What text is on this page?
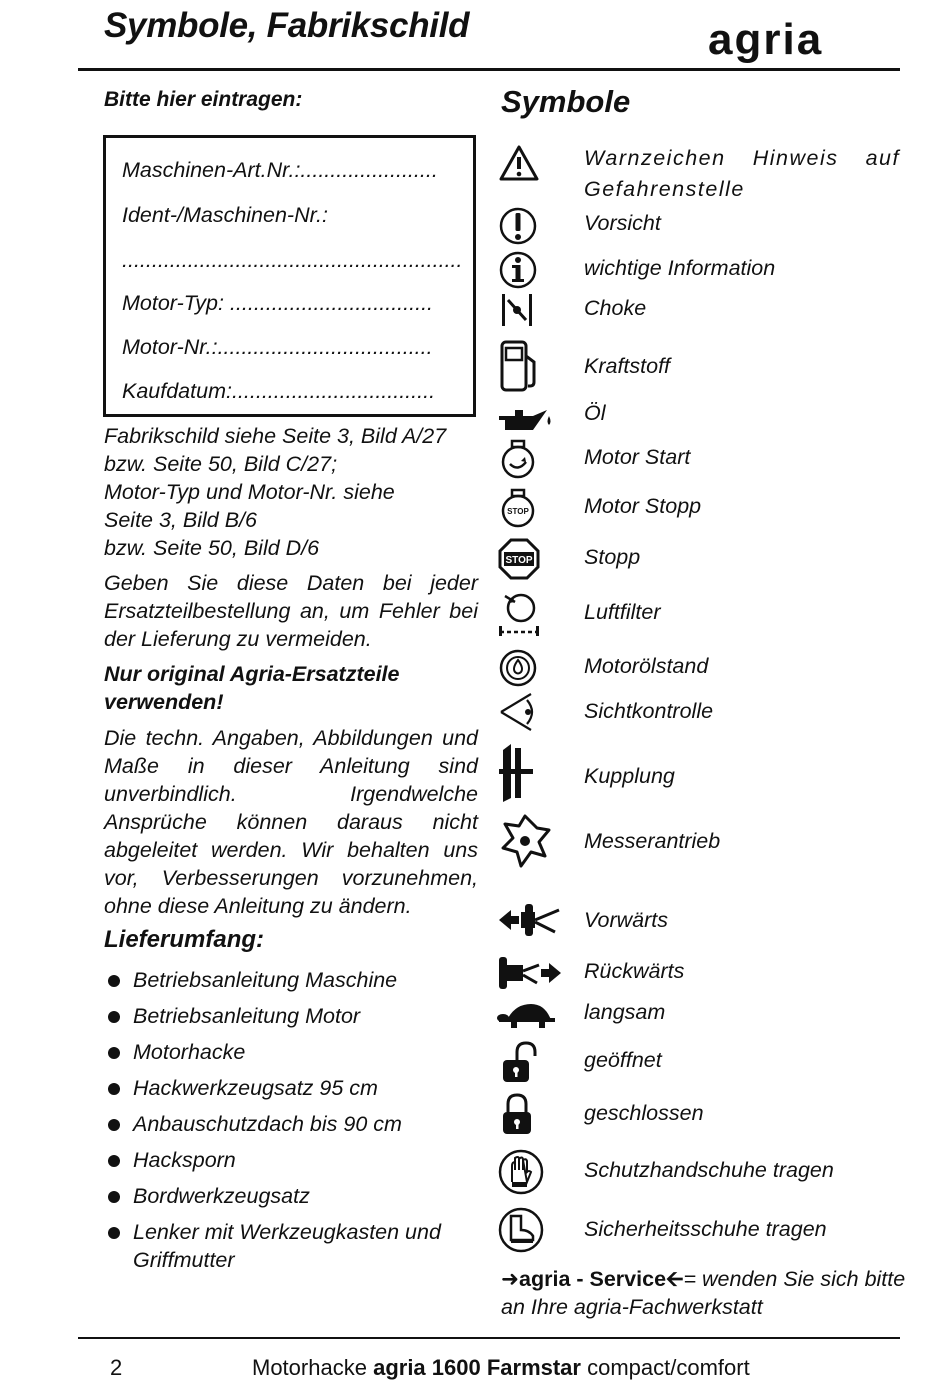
Symbole, Fabrikschild	agria
Bitte hier eintragen:
Maschinen-Art.Nr.:.......................
Ident-/Maschinen-Nr.:
.........................................................
Motor-Typ: ..................................
Motor-Nr.:....................................
Kaufdatum:..................................
Fabrikschild siehe Seite 3, Bild A/27
bzw. Seite 50, Bild C/27;
Motor-Typ und Motor-Nr. siehe
Seite 3, Bild B/6
bzw. Seite 50, Bild D/6
Geben Sie diese Daten bei jeder Ersatzteilbestellung an, um Fehler bei der Lieferung zu vermeiden.
Nur original Agria-Ersatzteile verwenden!
Die techn. Angaben, Abbildungen und Maße in dieser Anleitung sind unverbindlich. Irgendwelche Ansprüche können daraus nicht abgeleitet werden. Wir behalten uns vor, Verbesserungen vorzunehmen, ohne diese Anleitung zu ändern.
Lieferumfang:
Betriebsanleitung Maschine
Betriebsanleitung Motor
Motorhacke
Hackwerkzeugsatz 95 cm
Anbauschutzdach bis 90 cm
Hacksporn
Bordwerkzeugsatz
Lenker mit Werkzeugkasten und Griffmutter
Symbole
STOP
STOP
Warnzeichen Hinweis auf Gefahrenstelle
Vorsicht
wichtige Information
Choke
Kraftstoff
Öl
Motor Start
Motor Stopp
Stopp
Luftfilter
Motorölstand
Sichtkontrolle
Kupplung
Messerantrieb
Vorwärts
Rückwärts
langsam
geöffnet
geschlossen
Schutzhandschuhe tragen
Sicherheitsschuhe tragen
➜agria - Service🡨= wenden Sie sich bitte an Ihre agria-Fachwerkstatt
2	Motorhacke agria 1600 Farmstar compact/comfort
